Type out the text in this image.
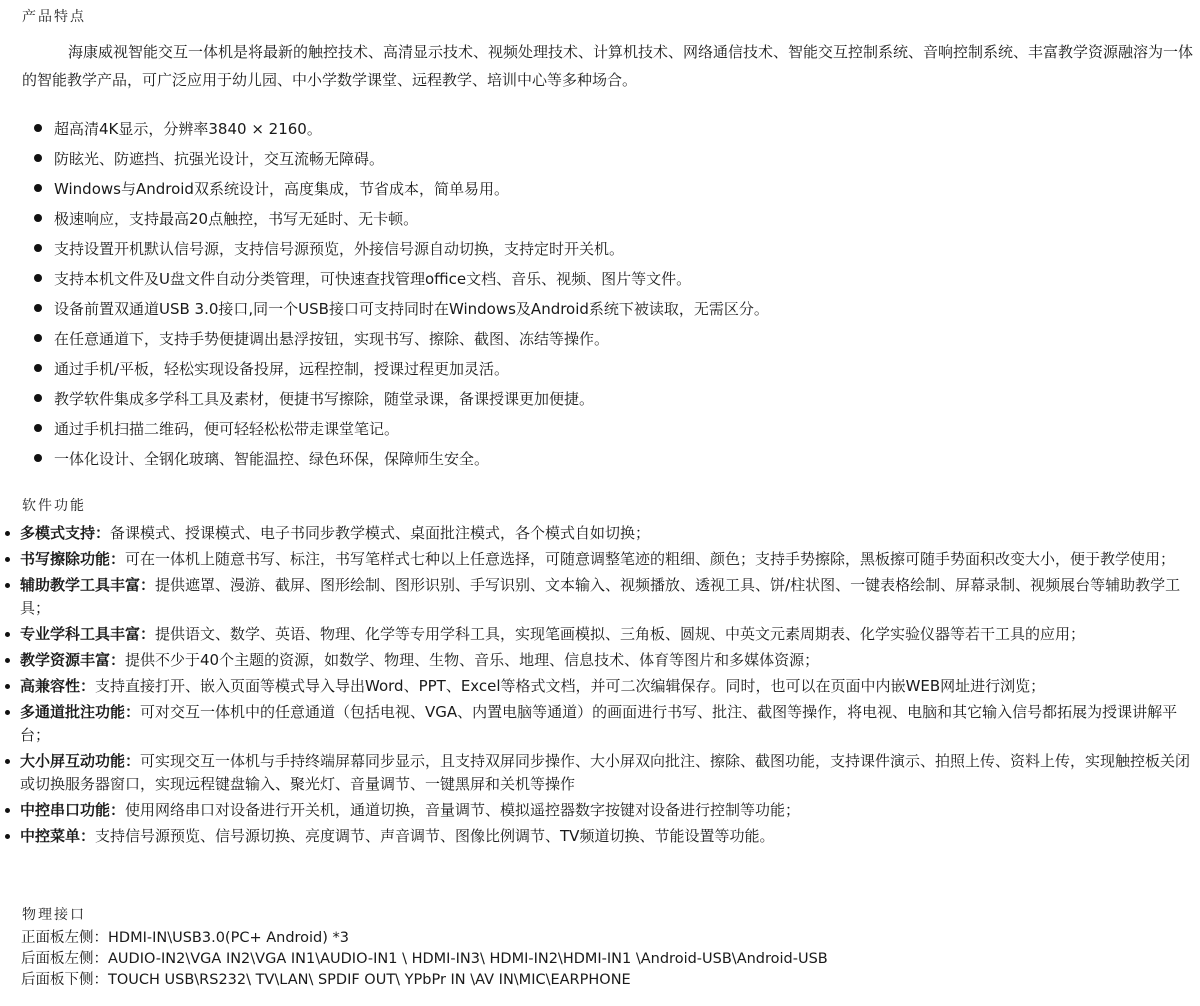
产品特点

海康威视智能交互一体机是将最新的触控技术、高清显示技术、视频处理技术、计算机技术、网络通信技术、智能交互控制系统、音响控制系统、丰富教学资源融溶为一体的智能教学产品，可广泛应用于幼儿园、中小学数学课堂、远程教学、培训中心等多种场合。

超高清4K显示，分辨率3840 × 2160。
防眩光、防遮挡、抗强光设计，交互流畅无障碍。
Windows与Android双系统设计，高度集成，节省成本，简单易用。
极速响应，支持最高20点触控，书写无延时、无卡顿。
支持设置开机默认信号源，支持信号源预览，外接信号源自动切换，支持定时开关机。
支持本机文件及U盘文件自动分类管理，可快速查找管理office文档、音乐、视频、图片等文件。
设备前置双通道USB 3.0接口,同一个USB接口可支持同时在Windows及Android系统下被读取，无需区分。
在任意通道下，支持手势便捷调出悬浮按钮，实现书写、擦除、截图、冻结等操作。
通过手机/平板，轻松实现设备投屏，远程控制，授课过程更加灵活。
教学软件集成多学科工具及素材，便捷书写擦除，随堂录课，备课授课更加便捷。
通过手机扫描二维码，便可轻轻松松带走课堂笔记。
一体化设计、全钢化玻璃、智能温控、绿色环保，保障师生安全。
软件功能
多模式支持：备课模式、授课模式、电子书同步教学模式、桌面批注模式，各个模式自如切换；
书写擦除功能：可在一体机上随意书写、标注，书写笔样式七种以上任意选择，可随意调整笔迹的粗细、颜色；支持手势擦除，黑板擦可随手势面积改变大小，便于教学使用；
辅助教学工具丰富：提供遮罩、漫游、截屏、图形绘制、图形识别、手写识别、文本输入、视频播放、透视工具、饼/柱状图、一键表格绘制、屏幕录制、视频展台等辅助教学工具；
专业学科工具丰富：提供语文、数学、英语、物理、化学等专用学科工具，实现笔画模拟、三角板、圆规、中英文元素周期表、化学实验仪器等若干工具的应用；
教学资源丰富：提供不少于40个主题的资源，如数学、物理、生物、音乐、地理、信息技术、体育等图片和多媒体资源；
高兼容性：支持直接打开、嵌入页面等模式导入导出Word、PPT、Excel等格式文档，并可二次编辑保存。同时，也可以在页面中内嵌WEB网址进行浏览；
多通道批注功能：可对交互一体机中的任意通道（包括电视、VGA、内置电脑等通道）的画面进行书写、批注、截图等操作，将电视、电脑和其它输入信号都拓展为授课讲解平台；
大小屏互动功能：可实现交互一体机与手持终端屏幕同步显示，且支持双屏同步操作、大小屏双向批注、擦除、截图功能，支持课件演示、拍照上传、资料上传，实现触控板关闭或切换服务器窗口，实现远程键盘输入、聚光灯、音量调节、一键黑屏和关机等操作
中控串口功能：使用网络串口对设备进行开关机，通道切换，音量调节、模拟遥控器数字按键对设备进行控制等功能；
中控菜单：支持信号源预览、信号源切换、亮度调节、声音调节、图像比例调节、TV频道切换、节能设置等功能。
物理接口
正面板左侧：HDMI-IN\USB3.0(PC+ Android) *3
后面板左侧：AUDIO-IN2\VGA IN2\VGA IN1\AUDIO-IN1 \ HDMI-IN3\ HDMI-IN2\HDMI-IN1 \Android-USB\Android-USB
后面板下侧：TOUCH USB\RS232\ TV\LAN\ SPDIF OUT\ YPbPr IN \AV IN\MIC\EARPHONE
